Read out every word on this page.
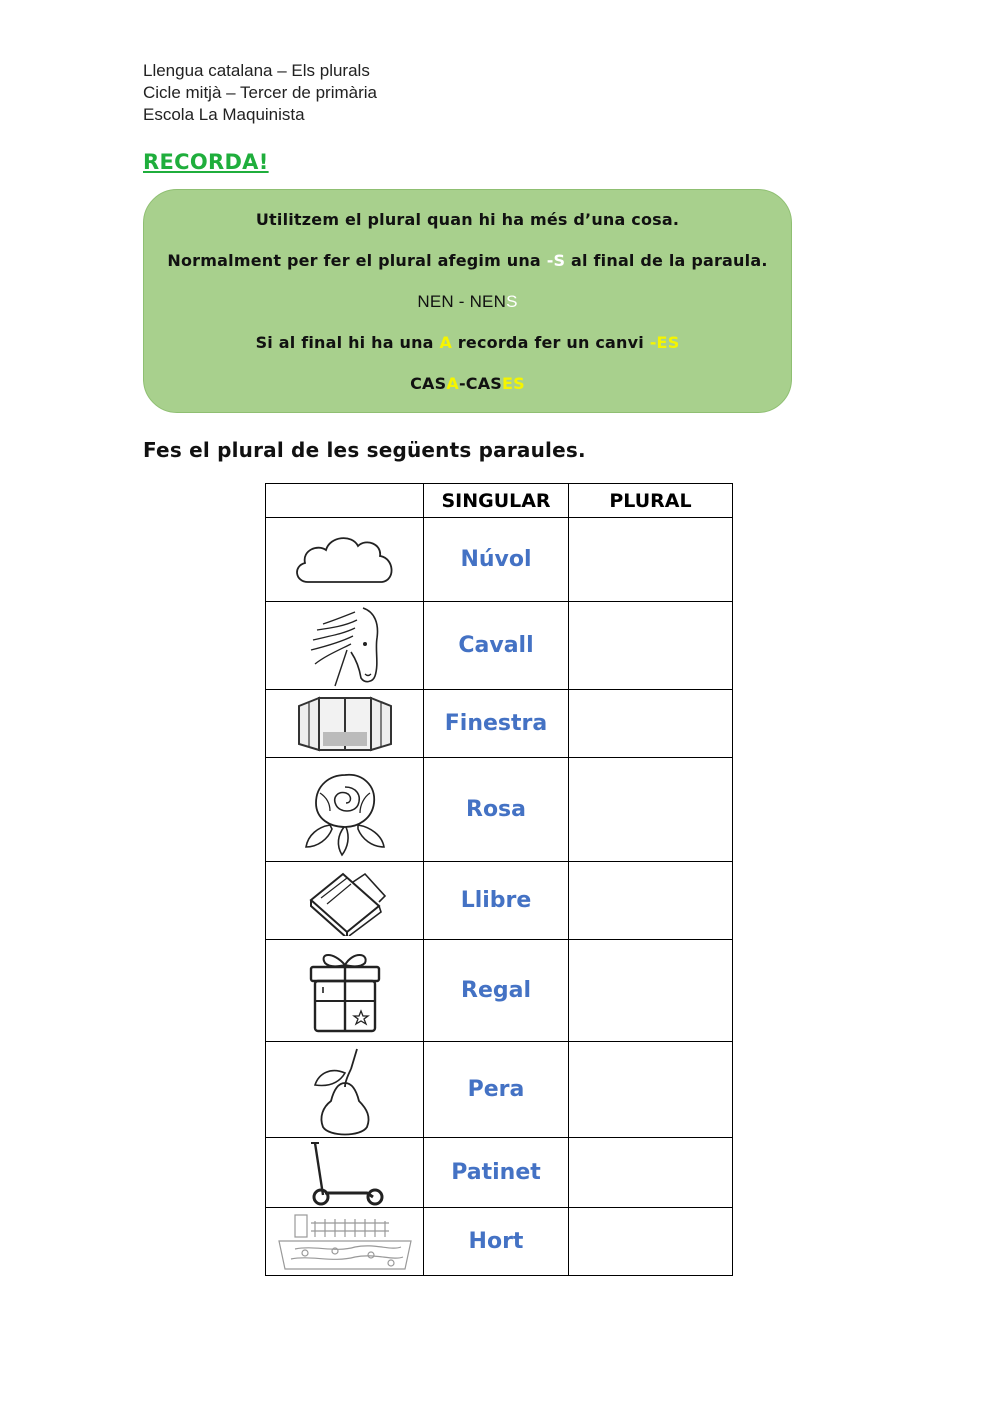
Llengua catalana – Els plurals
Cicle mitjà – Tercer de primària
Escola La Maquinista
RECORDA!
Utilitzem el plural quan hi ha més d’una cosa.
Normalment per fer el plural afegim una -S al final de la paraula.
NEN - NENS
Si al final hi ha una A recorda fer un canvi -ES
CASA-CASES
Fes el plural de les següents paraules.
	SINGULAR	PLURAL

	Núvol	

	Cavall	

	Finestra	

	Rosa	

	Llibre	

	Regal	

	Pera	

	Patinet	

	Hort	
